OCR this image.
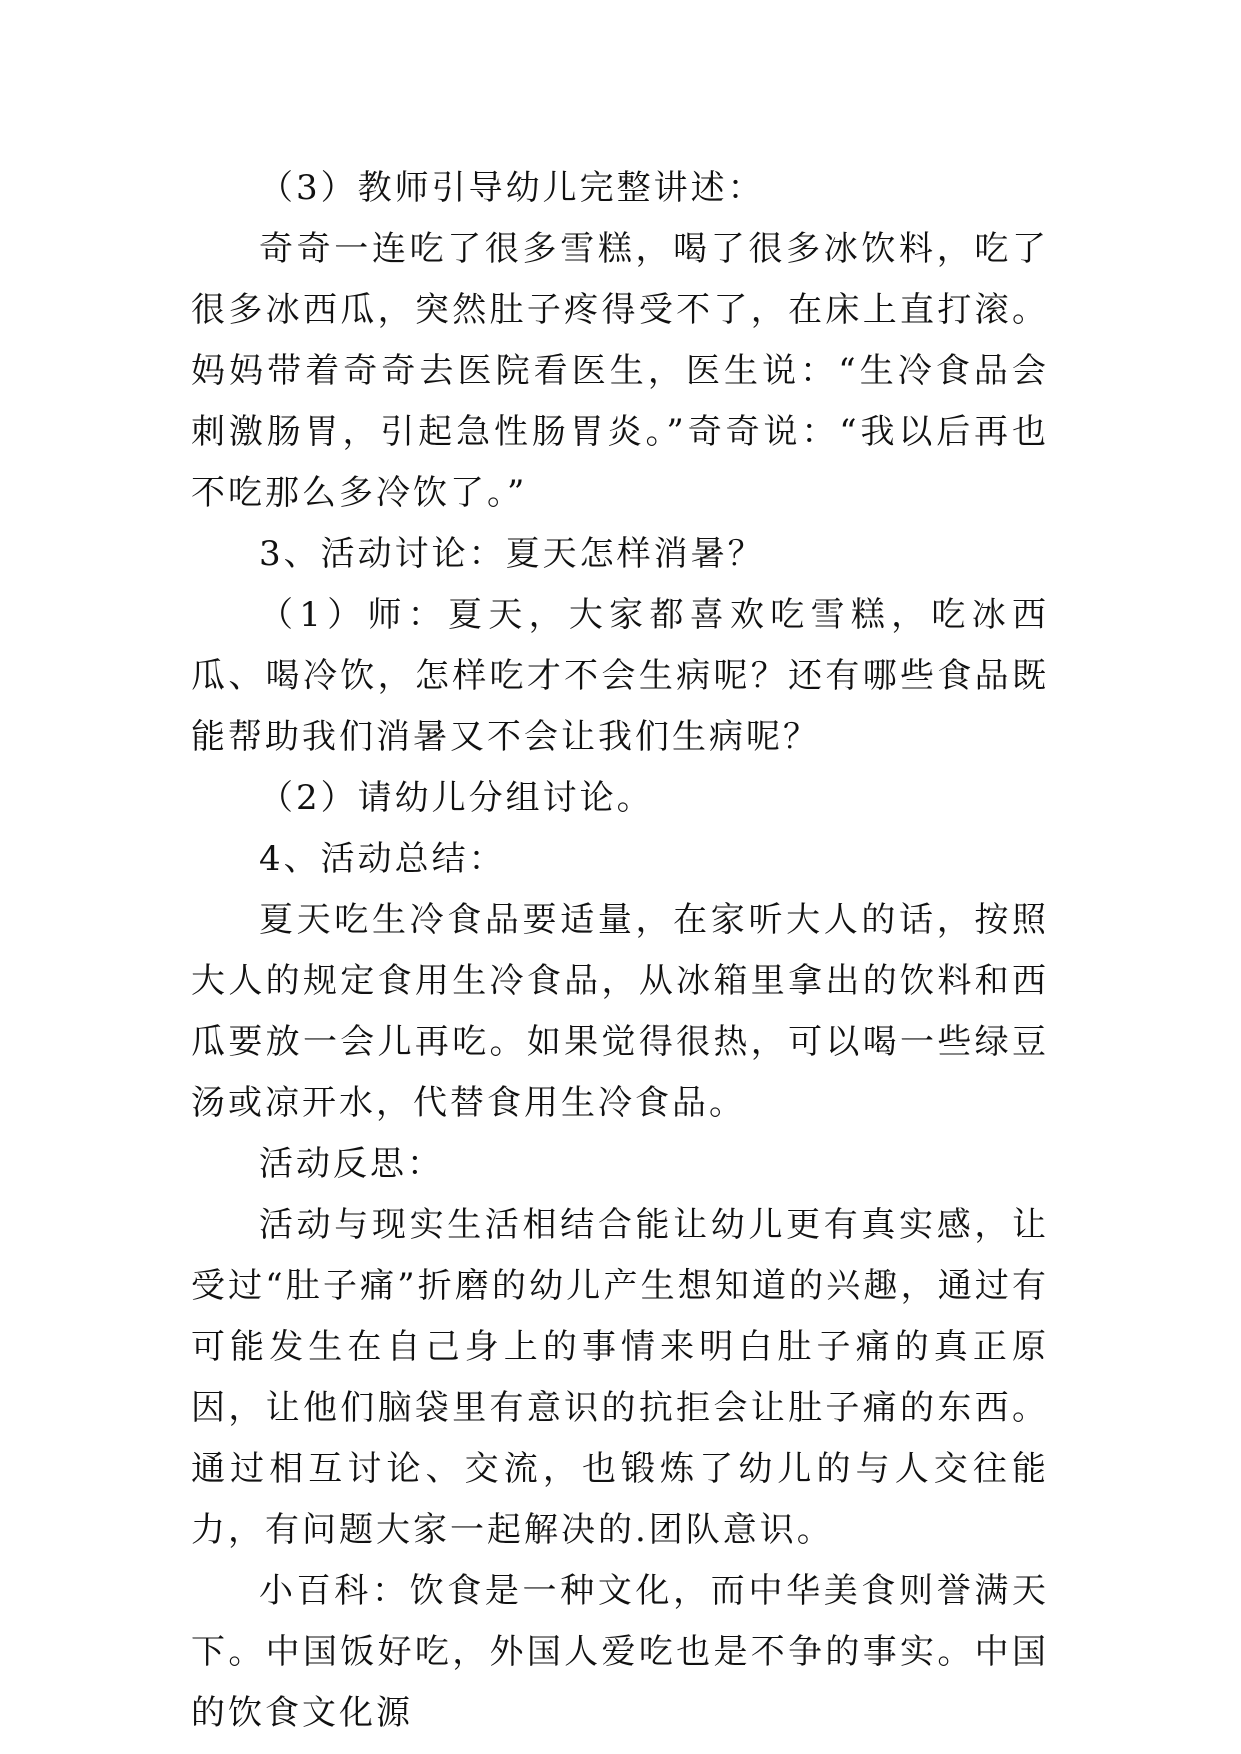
（3）教师引导幼儿完整讲述：

奇奇一连吃了很多雪糕，喝了很多冰饮料，吃了很多冰西瓜，突然肚子疼得受不了，在床上直打滚。妈妈带着奇奇去医院看医生，医生说：“生冷食品会刺激肠胃，引起急性肠胃炎。”奇奇说：“我以后再也不吃那么多冷饮了。”

3、活动讨论：夏天怎样消暑？

（1）师：夏天，大家都喜欢吃雪糕，吃冰西瓜、喝冷饮，怎样吃才不会生病呢？还有哪些食品既能帮助我们消暑又不会让我们生病呢？

（2）请幼儿分组讨论。

4、活动总结：

夏天吃生冷食品要适量，在家听大人的话，按照大人的规定食用生冷食品，从冰箱里拿出的饮料和西瓜要放一会儿再吃。如果觉得很热，可以喝一些绿豆汤或凉开水，代替食用生冷食品。

活动反思：

活动与现实生活相结合能让幼儿更有真实感，让受过“肚子痛”折磨的幼儿产生想知道的兴趣，通过有可能发生在自己身上的事情来明白肚子痛的真正原因，让他们脑袋里有意识的抗拒会让肚子痛的东西。通过相互讨论、交流，也锻炼了幼儿的与人交往能力，有问题大家一起解决的.团队意识。

小百科：饮食是一种文化，而中华美食则誉满天下。中国饭好吃，外国人爱吃也是不争的事实。中国的饮食文化源
